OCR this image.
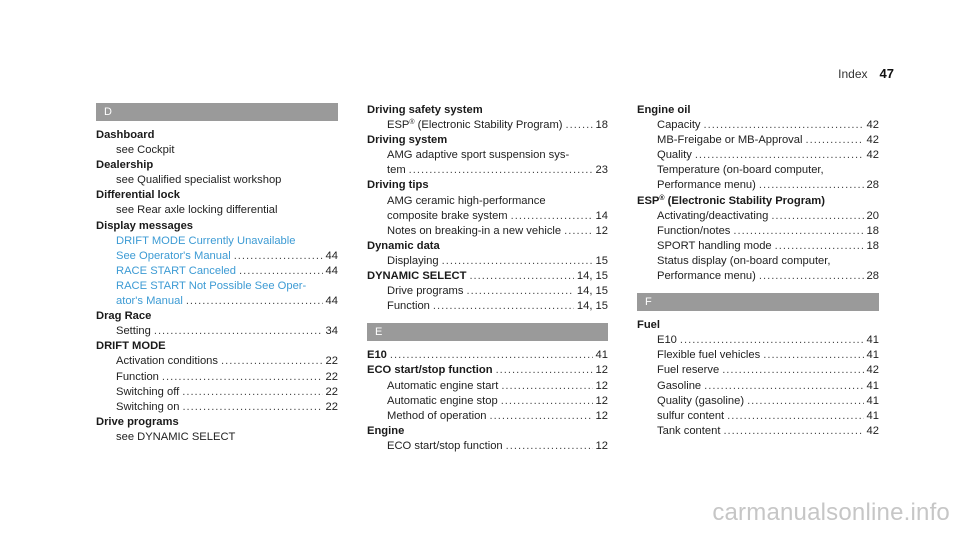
Index 47
D
Dashboard
see Cockpit
Dealership
see Qualified specialist workshop
Differential lock
see Rear axle locking differential
Display messages
DRIFT MODE Currently Unavailable
See Operator's Manual .....	44
RACE START Canceled .....	44
RACE START Not Possible See Oper-
ator's Manual .....	44
Drag Race
Setting .....	34
DRIFT MODE
Activation conditions .....	22
Function .....	22
Switching off .....	22
Switching on .....	22
Drive programs
see DYNAMIC SELECT
Driving safety system
ESP® (Electronic Stability Program) .....	18
Driving system
AMG adaptive sport suspension sys-
tem .....	23
Driving tips
AMG ceramic high-performance
composite brake system .....	14
Notes on breaking-in a new vehicle .....	12
Dynamic data
Displaying .....	15
DYNAMIC SELECT .....	14, 15
Drive programs .....	14, 15
Function .....	14, 15
E
E10 .....	41
ECO start/stop function .....	12
Automatic engine start .....	12
Automatic engine stop .....	12
Method of operation .....	12
Engine
ECO start/stop function .....	12
Engine oil
Capacity .....	42
MB-Freigabe or MB-Approval .....	42
Quality .....	42
Temperature (on-board computer,
Performance menu) .....	28
ESP® (Electronic Stability Program)
Activating/deactivating .....	20
Function/notes .....	18
SPORT handling mode .....	18
Status display (on-board computer,
Performance menu) .....	28
F
Fuel
E10 .....	41
Flexible fuel vehicles .....	41
Fuel reserve .....	42
Gasoline .....	41
Quality (gasoline) .....	41
sulfur content .....	41
Tank content .....	42
carmanualsonline.info
